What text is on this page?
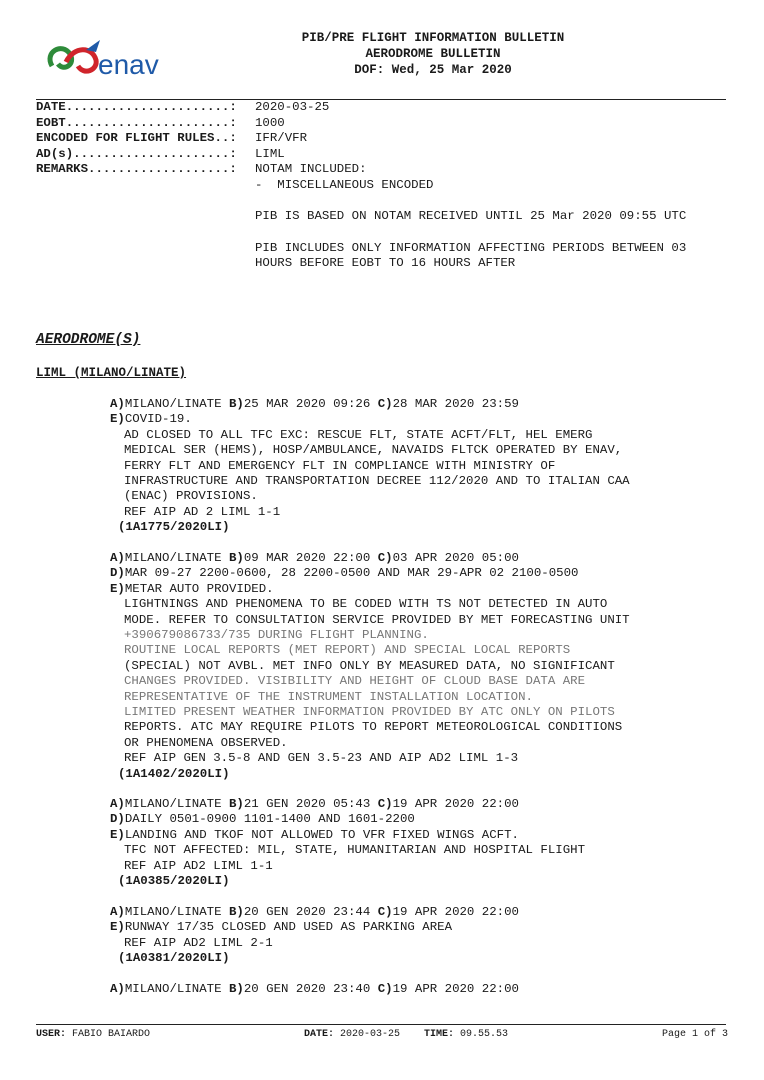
enav
PIB/PRE FLIGHT INFORMATION BULLETIN
AERODROME BULLETIN
DOF: Wed, 25 Mar 2020
DATE......................:	2020-03-25
EOBT......................:	1000
ENCODED FOR FLIGHT RULES..:	IFR/VFR
AD(s).....................:	LIML
REMARKS...................:	NOTAM INCLUDED:

-  MISCELLANEOUS ENCODED

PIB IS BASED ON NOTAM RECEIVED UNTIL 25 Mar 2020 09:55 UTC

PIB INCLUDES ONLY INFORMATION AFFECTING PERIODS BETWEEN 03

HOURS BEFORE EOBT TO 16 HOURS AFTER

AERODROME(S)
LIML (MILANO/LINATE)
A)MILANO/LINATE B)25 MAR 2020 09:26 C)28 MAR 2020 23:59
E)COVID-19.
AD CLOSED TO ALL TFC EXC: RESCUE FLT, STATE ACFT/FLT, HEL EMERG
MEDICAL SER (HEMS), HOSP/AMBULANCE, NAVAIDS FLTCK OPERATED BY ENAV,
FERRY FLT AND EMERGENCY FLT IN COMPLIANCE WITH MINISTRY OF
INFRASTRUCTURE AND TRANSPORTATION DECREE 112/2020 AND TO ITALIAN CAA
(ENAC) PROVISIONS.
REF AIP AD 2 LIML 1-1
(1A1775/2020LI)
A)MILANO/LINATE B)09 MAR 2020 22:00 C)03 APR 2020 05:00
D)MAR 09-27 2200-0600, 28 2200-0500 AND MAR 29-APR 02 2100-0500
E)METAR AUTO PROVIDED.
LIGHTNINGS AND PHENOMENA TO BE CODED WITH TS NOT DETECTED IN AUTO
MODE. REFER TO CONSULTATION SERVICE PROVIDED BY MET FORECASTING UNIT
+390679086733/735 DURING FLIGHT PLANNING.
ROUTINE LOCAL REPORTS (MET REPORT) AND SPECIAL LOCAL REPORTS
(SPECIAL) NOT AVBL. MET INFO ONLY BY MEASURED DATA, NO SIGNIFICANT
CHANGES PROVIDED. VISIBILITY AND HEIGHT OF CLOUD BASE DATA ARE
REPRESENTATIVE OF THE INSTRUMENT INSTALLATION LOCATION.
LIMITED PRESENT WEATHER INFORMATION PROVIDED BY ATC ONLY ON PILOTS
REPORTS. ATC MAY REQUIRE PILOTS TO REPORT METEOROLOGICAL CONDITIONS
OR PHENOMENA OBSERVED.
REF AIP GEN 3.5-8 AND GEN 3.5-23 AND AIP AD2 LIML 1-3
(1A1402/2020LI)
A)MILANO/LINATE B)21 GEN 2020 05:43 C)19 APR 2020 22:00
D)DAILY 0501-0900 1101-1400 AND 1601-2200
E)LANDING AND TKOF NOT ALLOWED TO VFR FIXED WINGS ACFT.
TFC NOT AFFECTED: MIL, STATE, HUMANITARIAN AND HOSPITAL FLIGHT
REF AIP AD2 LIML 1-1
(1A0385/2020LI)
A)MILANO/LINATE B)20 GEN 2020 23:44 C)19 APR 2020 22:00
E)RUNWAY 17/35 CLOSED AND USED AS PARKING AREA
REF AIP AD2 LIML 2-1
(1A0381/2020LI)
A)MILANO/LINATE B)20 GEN 2020 23:40 C)19 APR 2020 22:00
USER: FABIO BAIARDO	DATE: 2020-03-25 TIME: 09.55.53	Page 1 of 3
